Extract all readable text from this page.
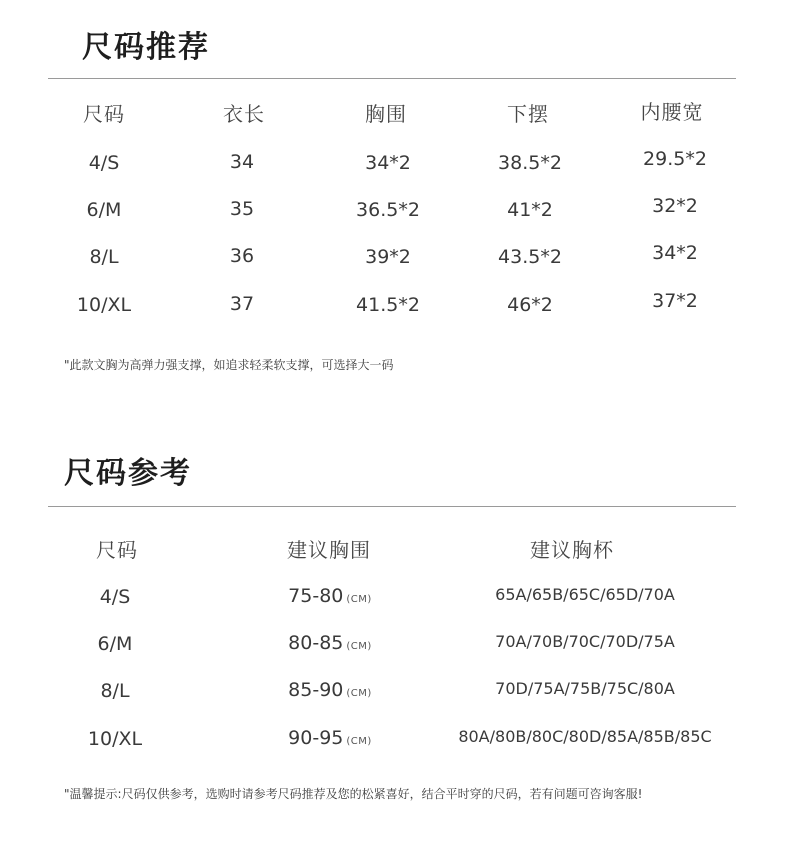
尺码推荐
尺码	衣长	胸围	下摆	内腰宽
4/S	34	34*2	38.5*2	29.5*2
6/M	35	36.5*2	41*2	32*2
8/L	36	39*2	43.5*2	34*2
10/XL	37	41.5*2	46*2	37*2
"此款文胸为高弹力强支撑，如追求轻柔软支撑，可选择大一码
尺码参考
尺码	建议胸围	建议胸杯
4/S	75-80 (CM)	65A/65B/65C/65D/70A
6/M	80-85 (CM)	70A/70B/70C/70D/75A
8/L	85-90 (CM)	70D/75A/75B/75C/80A
10/XL	90-95 (CM)	80A/80B/80C/80D/85A/85B/85C
"温馨提示:尺码仅供参考，选购时请参考尺码推荐及您的松紧喜好，结合平时穿的尺码，若有问题可咨询客服!
